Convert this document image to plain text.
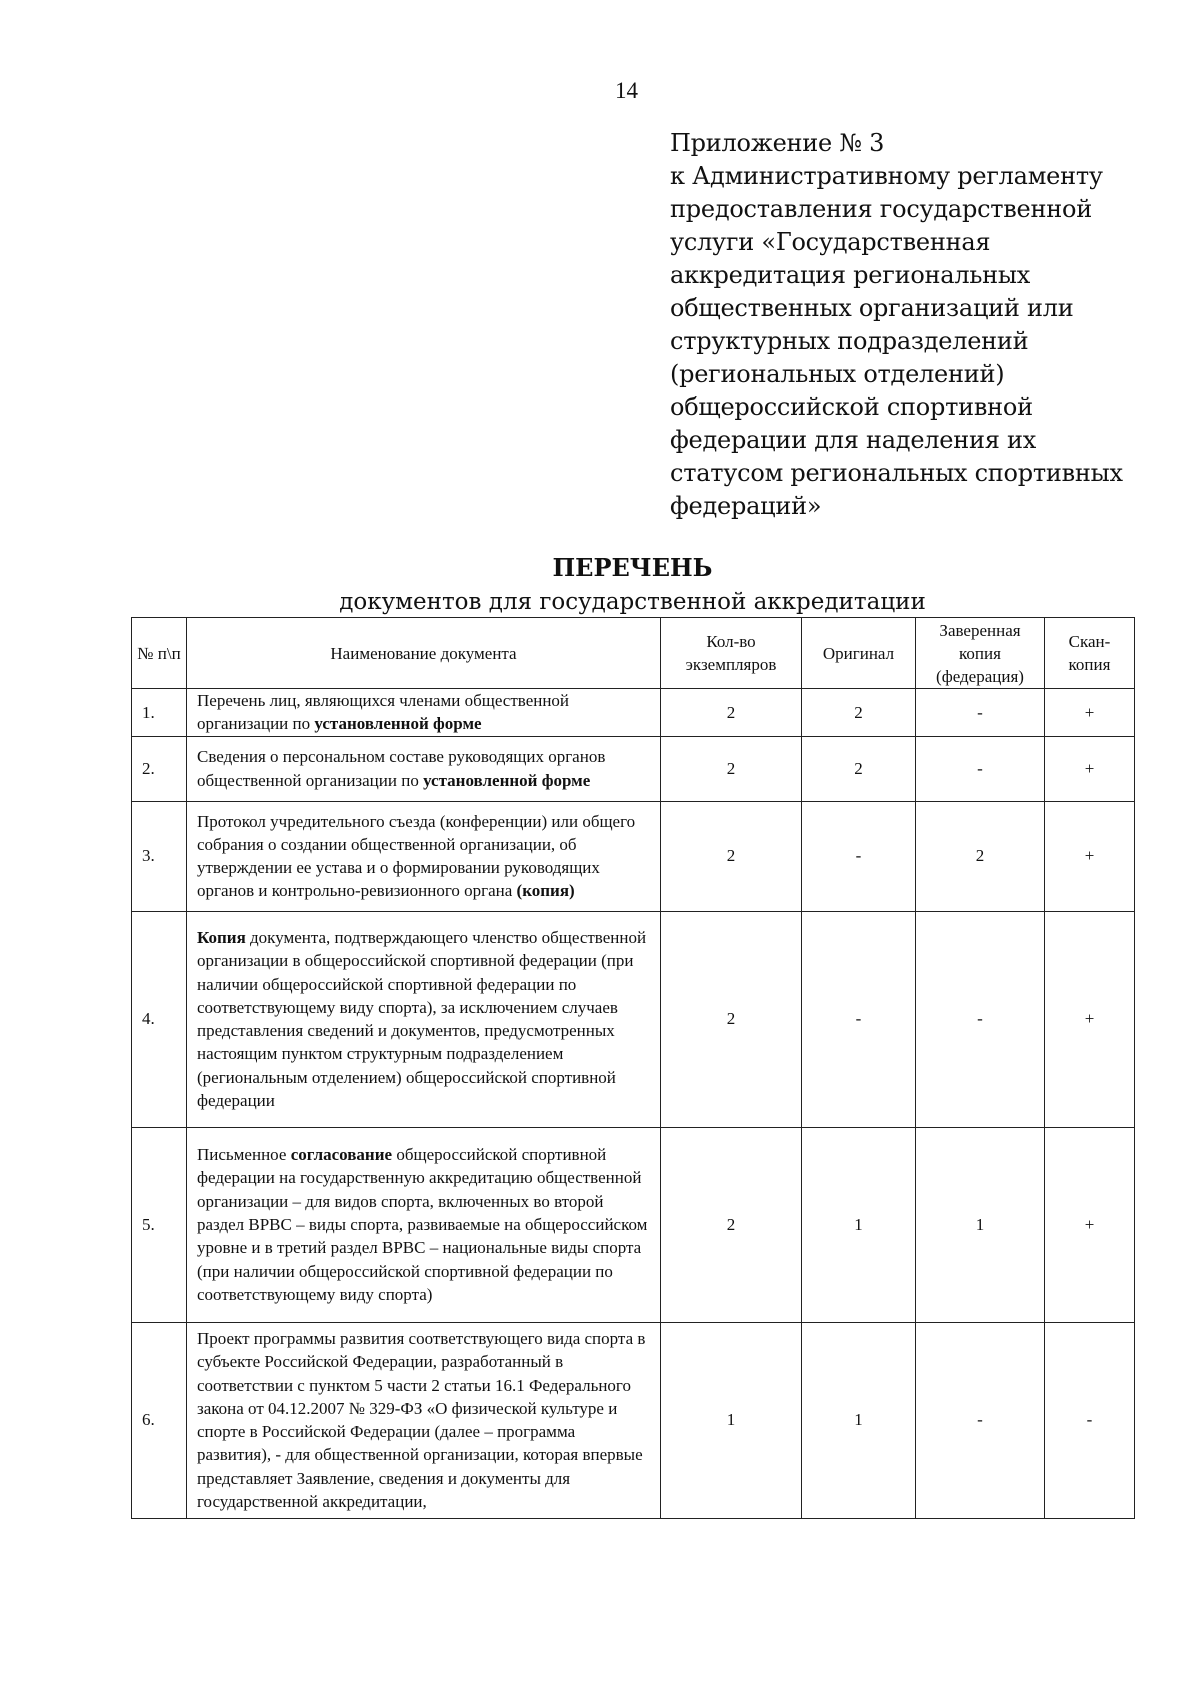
14
Приложение № 3
к Административному регламенту
предоставления государственной
услуги «Государственная
аккредитация региональных
общественных организаций или
структурных подразделений
(региональных отделений)
общероссийской спортивной
федерации для наделения их
статусом региональных спортивных
федераций»
ПЕРЕЧЕНЬ
документов для государственной аккредитации
№ п\п	Наименование документа	Кол-во экземпляров	Оригинал	Заверенная копия (федерация)	Скан-копия
1.	Перечень лиц, являющихся членами общественной организации по установленной форме	2	2	-	+
2.	Сведения о персональном составе руководящих органов общественной организации по установленной форме	2	2	-	+
3.	Протокол учредительного съезда (конференции) или общего собрания о создании общественной организации, об утверждении ее устава и о формировании руководящих органов и контрольно-ревизионного органа (копия)	2	-	2	+
4.	Копия документа, подтверждающего членство общественной организации в общероссийской спортивной федерации (при наличии общероссийской спортивной федерации по соответствующему виду спорта), за исключением случаев представления сведений и документов, предусмотренных настоящим пунктом структурным подразделением (региональным отделением) общероссийской спортивной федерации	2	-	-	+
5.	Письменное согласование общероссийской спортивной федерации на государственную аккредитацию общественной организации – для видов спорта, включенных во второй раздел ВРВС – виды спорта, развиваемые на общероссийском уровне и в третий раздел ВРВС – национальные виды спорта (при наличии общероссийской спортивной федерации по соответствующему виду спорта)	2	1	1	+
6.	Проект программы развития соответствующего вида спорта в субъекте Российской Федерации, разработанный в соответствии с пунктом 5 части 2 статьи 16.1 Федерального закона от 04.12.2007 № 329-ФЗ «О физической культуре и спорте в Российской Федерации (далее – программа развития), - для общественной организации, которая впервые представляет Заявление, сведения и документы для государственной аккредитации,	1	1	-	-
